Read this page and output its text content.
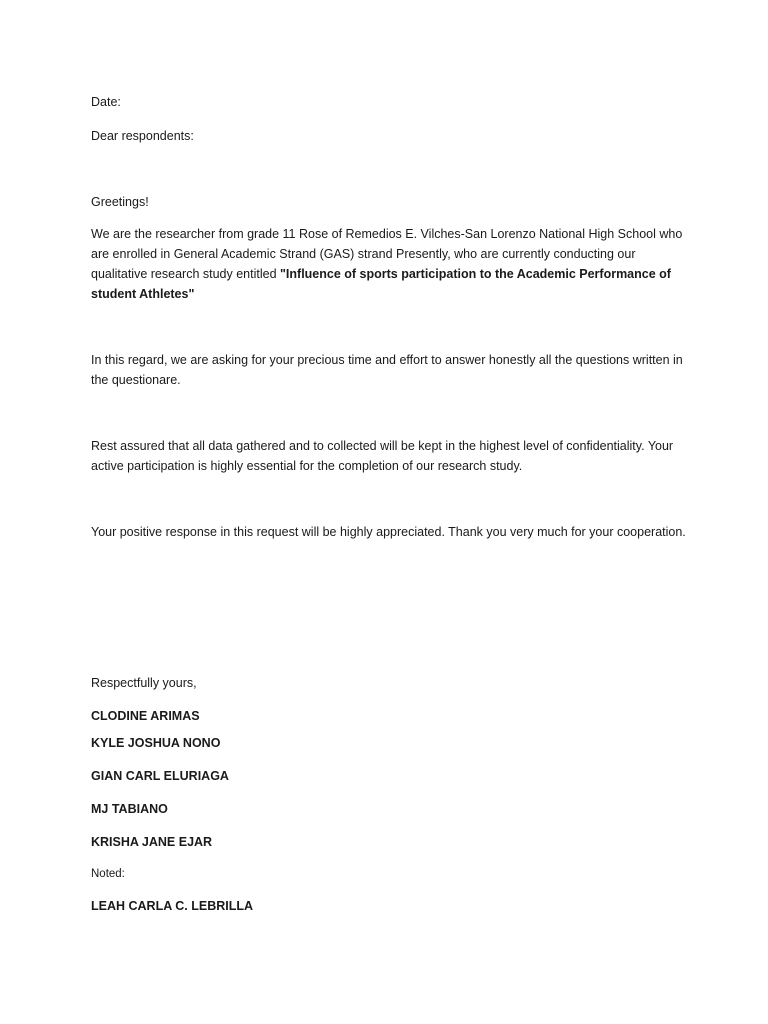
Date:
Dear respondents:
Greetings!
We are the researcher from grade 11 Rose of Remedios E. Vilches-San Lorenzo National High School who are enrolled in General Academic Strand (GAS) strand Presently, who are currently conducting our qualitative research study entitled "Influence of sports participation to the Academic Performance of student Athletes"
In this regard, we are asking for your precious time and effort to answer honestly all the questions written in the questionare.
Rest assured that all data gathered and to collected will be kept in the highest level of confidentiality. Your active participation is highly essential for the completion of our research study.
Your positive response in this request will be highly appreciated. Thank you very much for your cooperation.
Respectfully yours,
CLODINE ARIMAS
KYLE JOSHUA NONO
GIAN CARL ELURIAGA
MJ TABIANO
KRISHA JANE EJAR
Noted:
LEAH CARLA C. LEBRILLA
